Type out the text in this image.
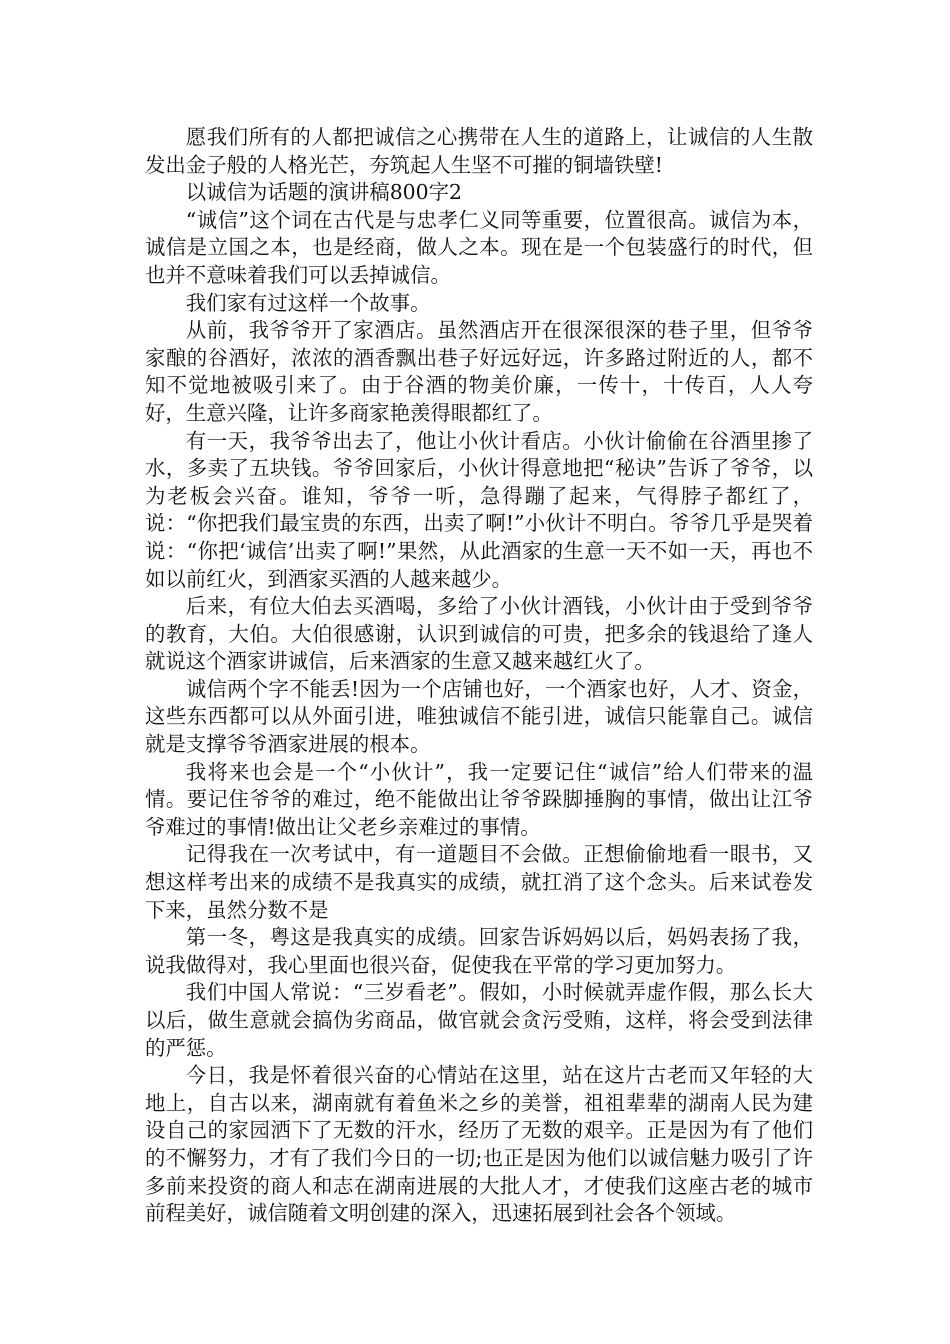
愿我们所有的人都把诚信之心携带在人生的道路上，让诚信的人生散发出金子般的人格光芒，夯筑起人生坚不可摧的铜墙铁壁!

以诚信为话题的演讲稿800字2

“诚信”这个词在古代是与忠孝仁义同等重要，位置很高。诚信为本，诚信是立国之本，也是经商，做人之本。现在是一个包装盛行的时代，但也并不意味着我们可以丢掉诚信。

我们家有过这样一个故事。

从前，我爷爷开了家酒店。虽然酒店开在很深很深的巷子里，但爷爷家酿的谷酒好，浓浓的酒香飘出巷子好远好远，许多路过附近的人，都不知不觉地被吸引来了。由于谷酒的物美价廉，一传十，十传百，人人夸好，生意兴隆，让许多商家艳羡得眼都红了。

有一天，我爷爷出去了，他让小伙计看店。小伙计偷偷在谷酒里掺了水，多卖了五块钱。爷爷回家后，小伙计得意地把“秘诀”告诉了爷爷，以为老板会兴奋。谁知，爷爷一听，急得蹦了起来，气得脖子都红了，说：“你把我们最宝贵的东西，出卖了啊!”小伙计不明白。爷爷几乎是哭着说：“你把‘诚信’出卖了啊!”果然，从此酒家的生意一天不如一天，再也不如以前红火，到酒家买酒的人越来越少。

后来，有位大伯去买酒喝，多给了小伙计酒钱，小伙计由于受到爷爷的教育，大伯。大伯很感谢，认识到诚信的可贵，把多余的钱退给了逢人就说这个酒家讲诚信，后来酒家的生意又越来越红火了。

诚信两个字不能丢!因为一个店铺也好，一个酒家也好，人才、资金，这些东西都可以从外面引进，唯独诚信不能引进，诚信只能靠自己。诚信就是支撑爷爷酒家进展的根本。

我将来也会是一个“小伙计”，我一定要记住“诚信”给人们带来的温情。要记住爷爷的难过，绝不能做出让爷爷跺脚捶胸的事情，做出让江爷爷难过的事情!做出让父老乡亲难过的事情。

记得我在一次考试中，有一道题目不会做。正想偷偷地看一眼书，又想这样考出来的成绩不是我真实的成绩，就扛消了这个念头。后来试卷发下来，虽然分数不是

第一冬，粤这是我真实的成绩。回家告诉妈妈以后，妈妈表扬了我，说我做得对，我心里面也很兴奋，促使我在平常的学习更加努力。

我们中国人常说：“三岁看老”。假如，小时候就弄虚作假，那么长大以后，做生意就会搞伪劣商品，做官就会贪污受贿，这样，将会受到法律的严惩。

今日，我是怀着很兴奋的心情站在这里，站在这片古老而又年轻的大地上，自古以来，湖南就有着鱼米之乡的美誉，祖祖辈辈的湖南人民为建设自己的家园洒下了无数的汗水，经历了无数的艰辛。正是因为有了他们的不懈努力，才有了我们今日的一切;也正是因为他们以诚信魅力吸引了许多前来投资的商人和志在湖南进展的大批人才，才使我们这座古老的城市前程美好，诚信随着文明创建的深入，迅速拓展到社会各个领域。
